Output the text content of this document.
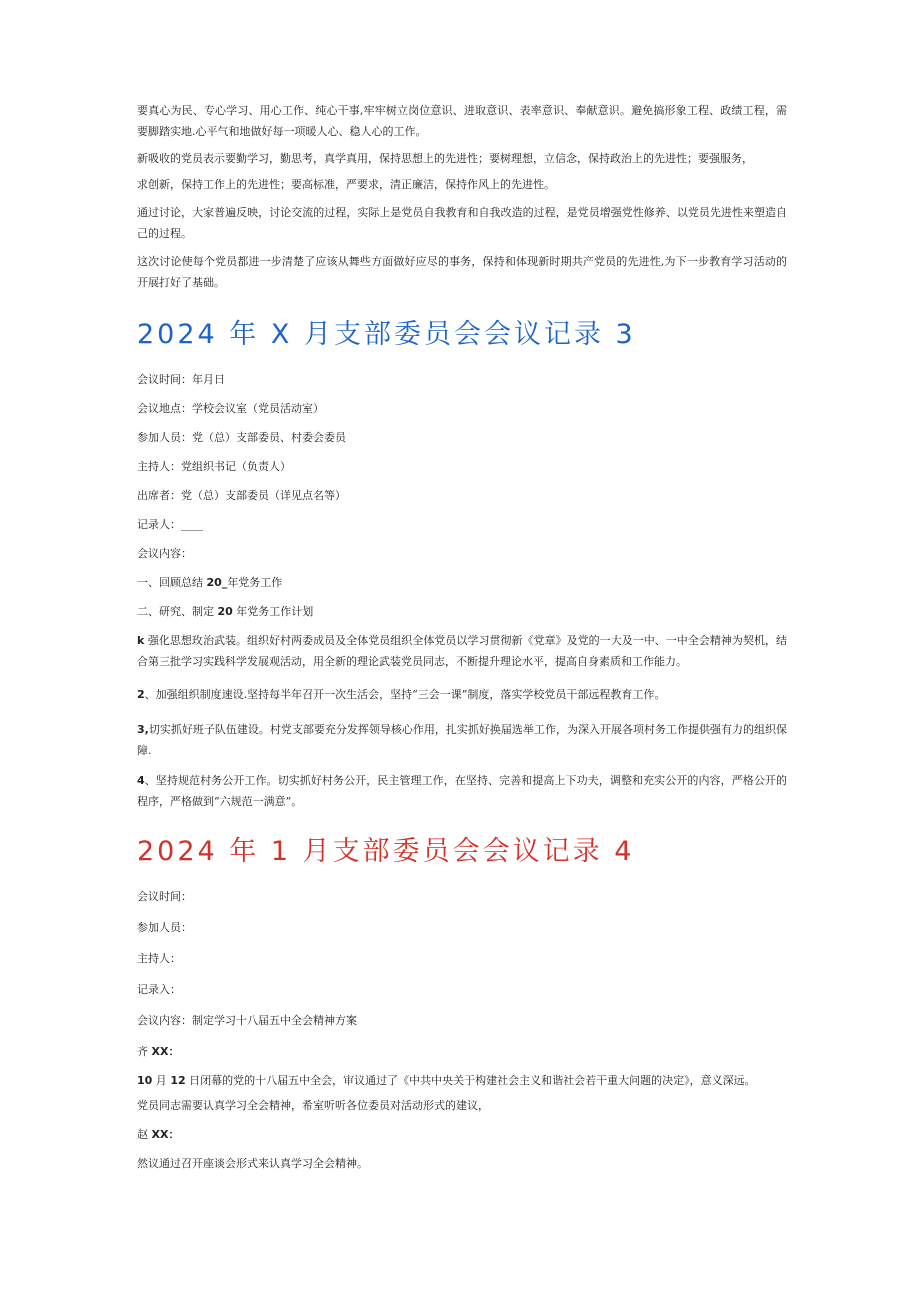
要真心为民、专心学习、用心工作、纯心干事,牢牢树立岗位意识、进取意识、表率意识、奉献意识。避免搞形象工程、政绩工程，需要脚踏实地.心平气和地做好每一项暖人心、稳人心的工作。

新吸收的党员表示要勤学习，勤思考，真学真用，保持思想上的先进性；要树理想，立信念，保持政治上的先进性；要强服务，

求创新，保持工作上的先进性；要高标准，严要求，清正廉洁，保持作风上的先进性。

通过讨论，大家普遍反映，讨论交流的过程，实际上是党员自我教育和自我改造的过程，是党员增强党性修养、以党员先进性来塑造自己的过程。

这次讨论使每个党员都进一步清楚了应该从舞些方面做好应尽的事务，保持和体现新时期共产党员的先进性,为下一步教育学习活动的开展打好了基础。

2024 年 X 月支部委员会会议记录 3

会议时间：年月日

会议地点：学校会议室（党员活动室）

参加人员：党（总）支部委员、村委会委员

主持人：党组织书记（负责人）

出席者：党（总）支部委员（详见点名等）

记录人：____

会议内容：

一、回顾总结 20_年党务工作

二、研究、制定 20 年党务工作计划

k 强化思想玫治武装。组织好村两委成员及全体党员组织全体党员以学习贯彻新《党章》及党的一大及一中、一中全会精神为契机，结合第三批学习实践科学发展观活动，用全新的理论武装党员同志，不断提升理论水平，提高自身素质和工作能力。

2、加强组织制度速设.坚持每半年召开一次生活会，坚持“三会一课”制度，落实学校党员干部远程教育工作。

3,切实抓好班子队伍建设。村党支部要充分发挥领导核心作用，扎实抓好换届选举工作，为深入开展各项村务工作提供强有力的组织保障.

4、坚持规范村务公开工作。切实抓好村务公开，民主管理工作，在坚持、完善和提高上下功夫，调整和充实公开的内容，严格公开的程序，严格做到“六规范一满意”。

2024 年 1 月支部委员会会议记录 4

会议时间：

参加人员：

主持人：

记录入：

会议内容：制定学习十八届五中全会精神方案

齐 XX：

10 月 12 日闭幕的党的十八届五中全会，审议通过了《中共中央关于构建社会主义和谐社会若干重大问题的决定》，意义深远。

党员同志需要认真学习全会精神，希室听听各位委员对活动形式的建议，

赵 XX：

然议通过召开座谈会形式来认真学习全会精神。
